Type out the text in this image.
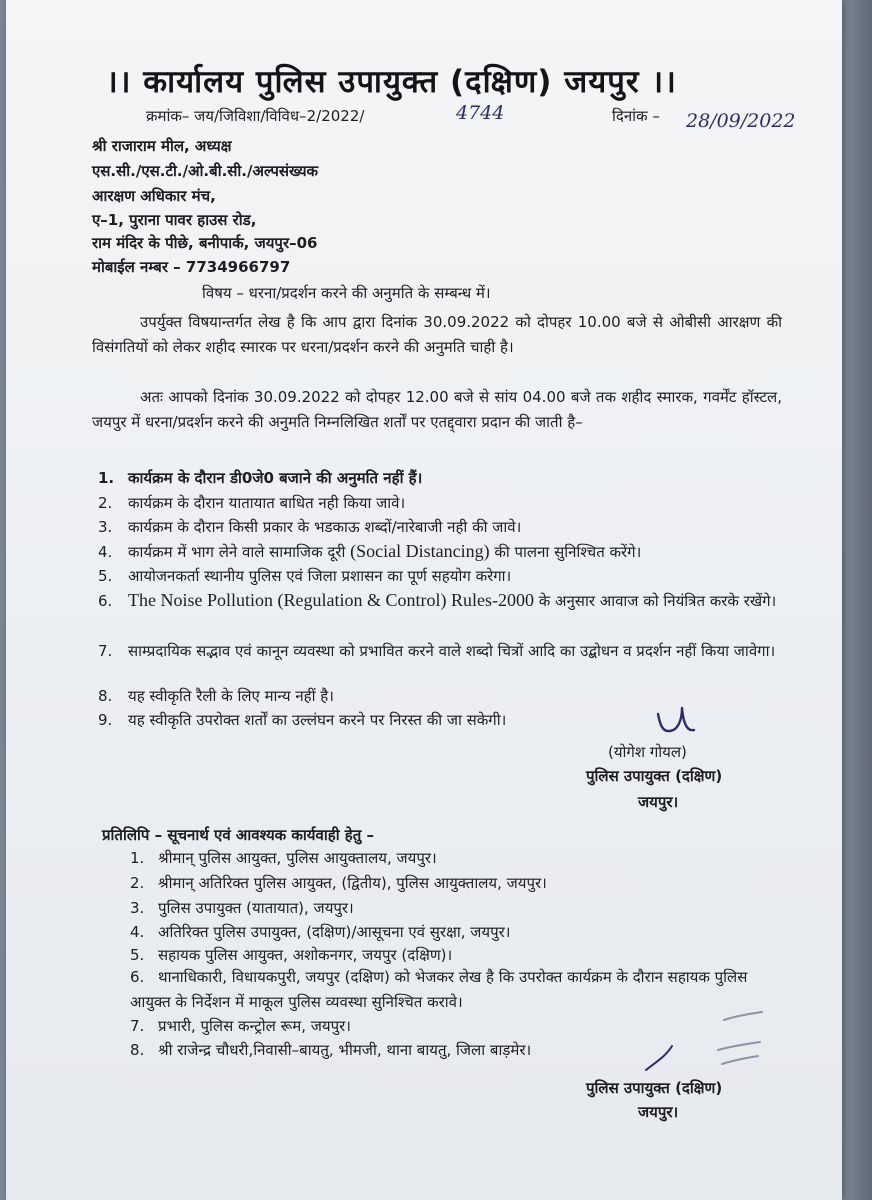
।। कार्यालय पुलिस उपायुक्त (दक्षिण) जयपुर ।।
क्रमांक– जय/जिविशा/विविध–2/2022/	4744	दिनांक – 28/09/2022
श्री राजाराम मील, अध्यक्ष
एस.सी./एस.टी./ओ.बी.सी./अल्पसंख्यक
आरक्षण अधिकार मंच,
ए–1, पुराना पावर हाउस रोड,
राम मंदिर के पीछे, बनीपार्क, जयपुर–06
मोबाईल नम्बर – 7734966797
विषय – धरना/प्रदर्शन करने की अनुमति के सम्बन्ध में।
उपर्युक्त विषयान्तर्गत लेख है कि आप द्वारा दिनांक 30.09.2022 को दोपहर 10.00 बजे से ओबीसी आरक्षण की विसंगतियों को लेकर शहीद स्मारक पर धरना/प्रदर्शन करने की अनुमति चाही है।
अतः आपको दिनांक 30.09.2022 को दोपहर 12.00 बजे से सांय 04.00 बजे तक शहीद स्मारक, गवर्मेंट हॉस्टल, जयपुर में धरना/प्रदर्शन करने की अनुमति निम्नलिखित शर्तों पर एतद्द्वारा प्रदान की जाती है–
1. कार्यक्रम के दौरान डी0जे0 बजाने की अनुमति नहीं हैं।
2. कार्यक्रम के दौरान यातायात बाधित नही किया जावे।
3. कार्यक्रम के दौरान किसी प्रकार के भडकाऊ शब्दों/नारेबाजी नही की जावे।
4. कार्यक्रम में भाग लेने वाले सामाजिक दूरी (Social Distancing) की पालना सुनिश्चित करेंगे।
5. आयोजनकर्ता स्थानीय पुलिस एवं जिला प्रशासन का पूर्ण सहयोग करेगा।
6. The Noise Pollution (Regulation & Control) Rules-2000 के अनुसार आवाज को नियंत्रित करके रखेंगे।
7. साम्प्रदायिक सद्भाव एवं कानून व्यवस्था को प्रभावित करने वाले शब्दो चित्रों आदि का उद्बोधन व प्रदर्शन नहीं किया जावेगा।
8. यह स्वीकृति रैली के लिए मान्य नहीं है।
9. यह स्वीकृति उपरोक्त शर्तों का उल्लंघन करने पर निरस्त की जा सकेगी।
(योगेश गोयल)
पुलिस उपायुक्त (दक्षिण)
जयपुर।
प्रतिलिपि – सूचनार्थ एवं आवश्यक कार्यवाही हेतु –
1. श्रीमान् पुलिस आयुक्त, पुलिस आयुक्तालय, जयपुर।
2. श्रीमान् अतिरिक्त पुलिस आयुक्त, (द्वितीय), पुलिस आयुक्तालय, जयपुर।
3. पुलिस उपायुक्त (यातायात), जयपुर।
4. अतिरिक्त पुलिस उपायुक्त, (दक्षिण)/आसूचना एवं सुरक्षा, जयपुर।
5. सहायक पुलिस आयुक्त, अशोकनगर, जयपुर (दक्षिण)।
6. थानाधिकारी, विधायकपुरी, जयपुर (दक्षिण) को भेजकर लेख है कि उपरोक्त कार्यक्रम के दौरान सहायक पुलिस आयुक्त के निर्देशन में माकूल पुलिस व्यवस्था सुनिश्चित करावे।
7. प्रभारी, पुलिस कन्ट्रोल रूम, जयपुर।
8. श्री राजेन्द्र चौधरी,निवासी–बायतु, भीमजी, थाना बायतु, जिला बाड़मेर।
पुलिस उपायुक्त (दक्षिण)
जयपुर।
